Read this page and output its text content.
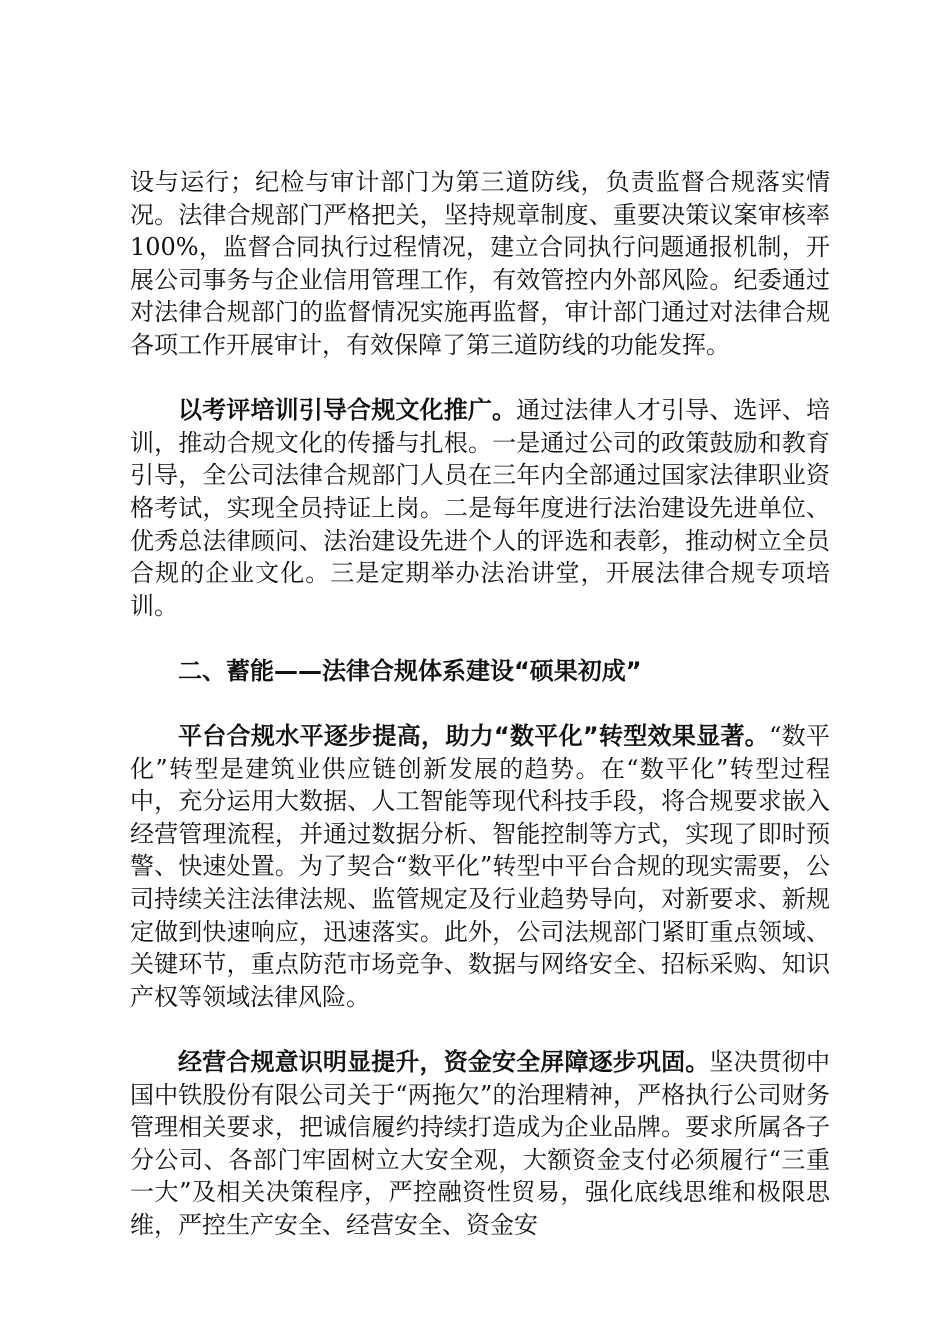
设与运行；纪检与审计部门为第三道防线，负责监督合规落实情况。法律合规部门严格把关，坚持规章制度、重要决策议案审核率 100%，监督合同执行过程情况，建立合同执行问题通报机制，开展公司事务与企业信用管理工作，有效管控内外部风险。纪委通过对法律合规部门的监督情况实施再监督，审计部门通过对法律合规各项工作开展审计，有效保障了第三道防线的功能发挥。

以考评培训引导合规文化推广。通过法律人才引导、选评、培训，推动合规文化的传播与扎根。一是通过公司的政策鼓励和教育引导，全公司法律合规部门人员在三年内全部通过国家法律职业资格考试，实现全员持证上岗。二是每年度进行法治建设先进单位、优秀总法律顾问、法治建设先进个人的评选和表彰，推动树立全员合规的企业文化。三是定期举办法治讲堂，开展法律合规专项培训。

二、蓄能——法律合规体系建设“硕果初成”

平台合规水平逐步提高，助力“数平化”转型效果显著。“数平化”转型是建筑业供应链创新发展的趋势。在“数平化”转型过程中，充分运用大数据、人工智能等现代科技手段，将合规要求嵌入经营管理流程，并通过数据分析、智能控制等方式，实现了即时预警、快速处置。为了契合“数平化”转型中平台合规的现实需要，公司持续关注法律法规、监管规定及行业趋势导向，对新要求、新规定做到快速响应，迅速落实。此外，公司法规部门紧盯重点领域、关键环节，重点防范市场竞争、数据与网络安全、招标采购、知识产权等领域法律风险。

经营合规意识明显提升，资金安全屏障逐步巩固。坚决贯彻中国中铁股份有限公司关于“两拖欠”的治理精神，严格执行公司财务管理相关要求，把诚信履约持续打造成为企业品牌。要求所属各子分公司、各部门牢固树立大安全观，大额资金支付必须履行“三重一大”及相关决策程序，严控融资性贸易，强化底线思维和极限思维，严控生产安全、经营安全、资金安
